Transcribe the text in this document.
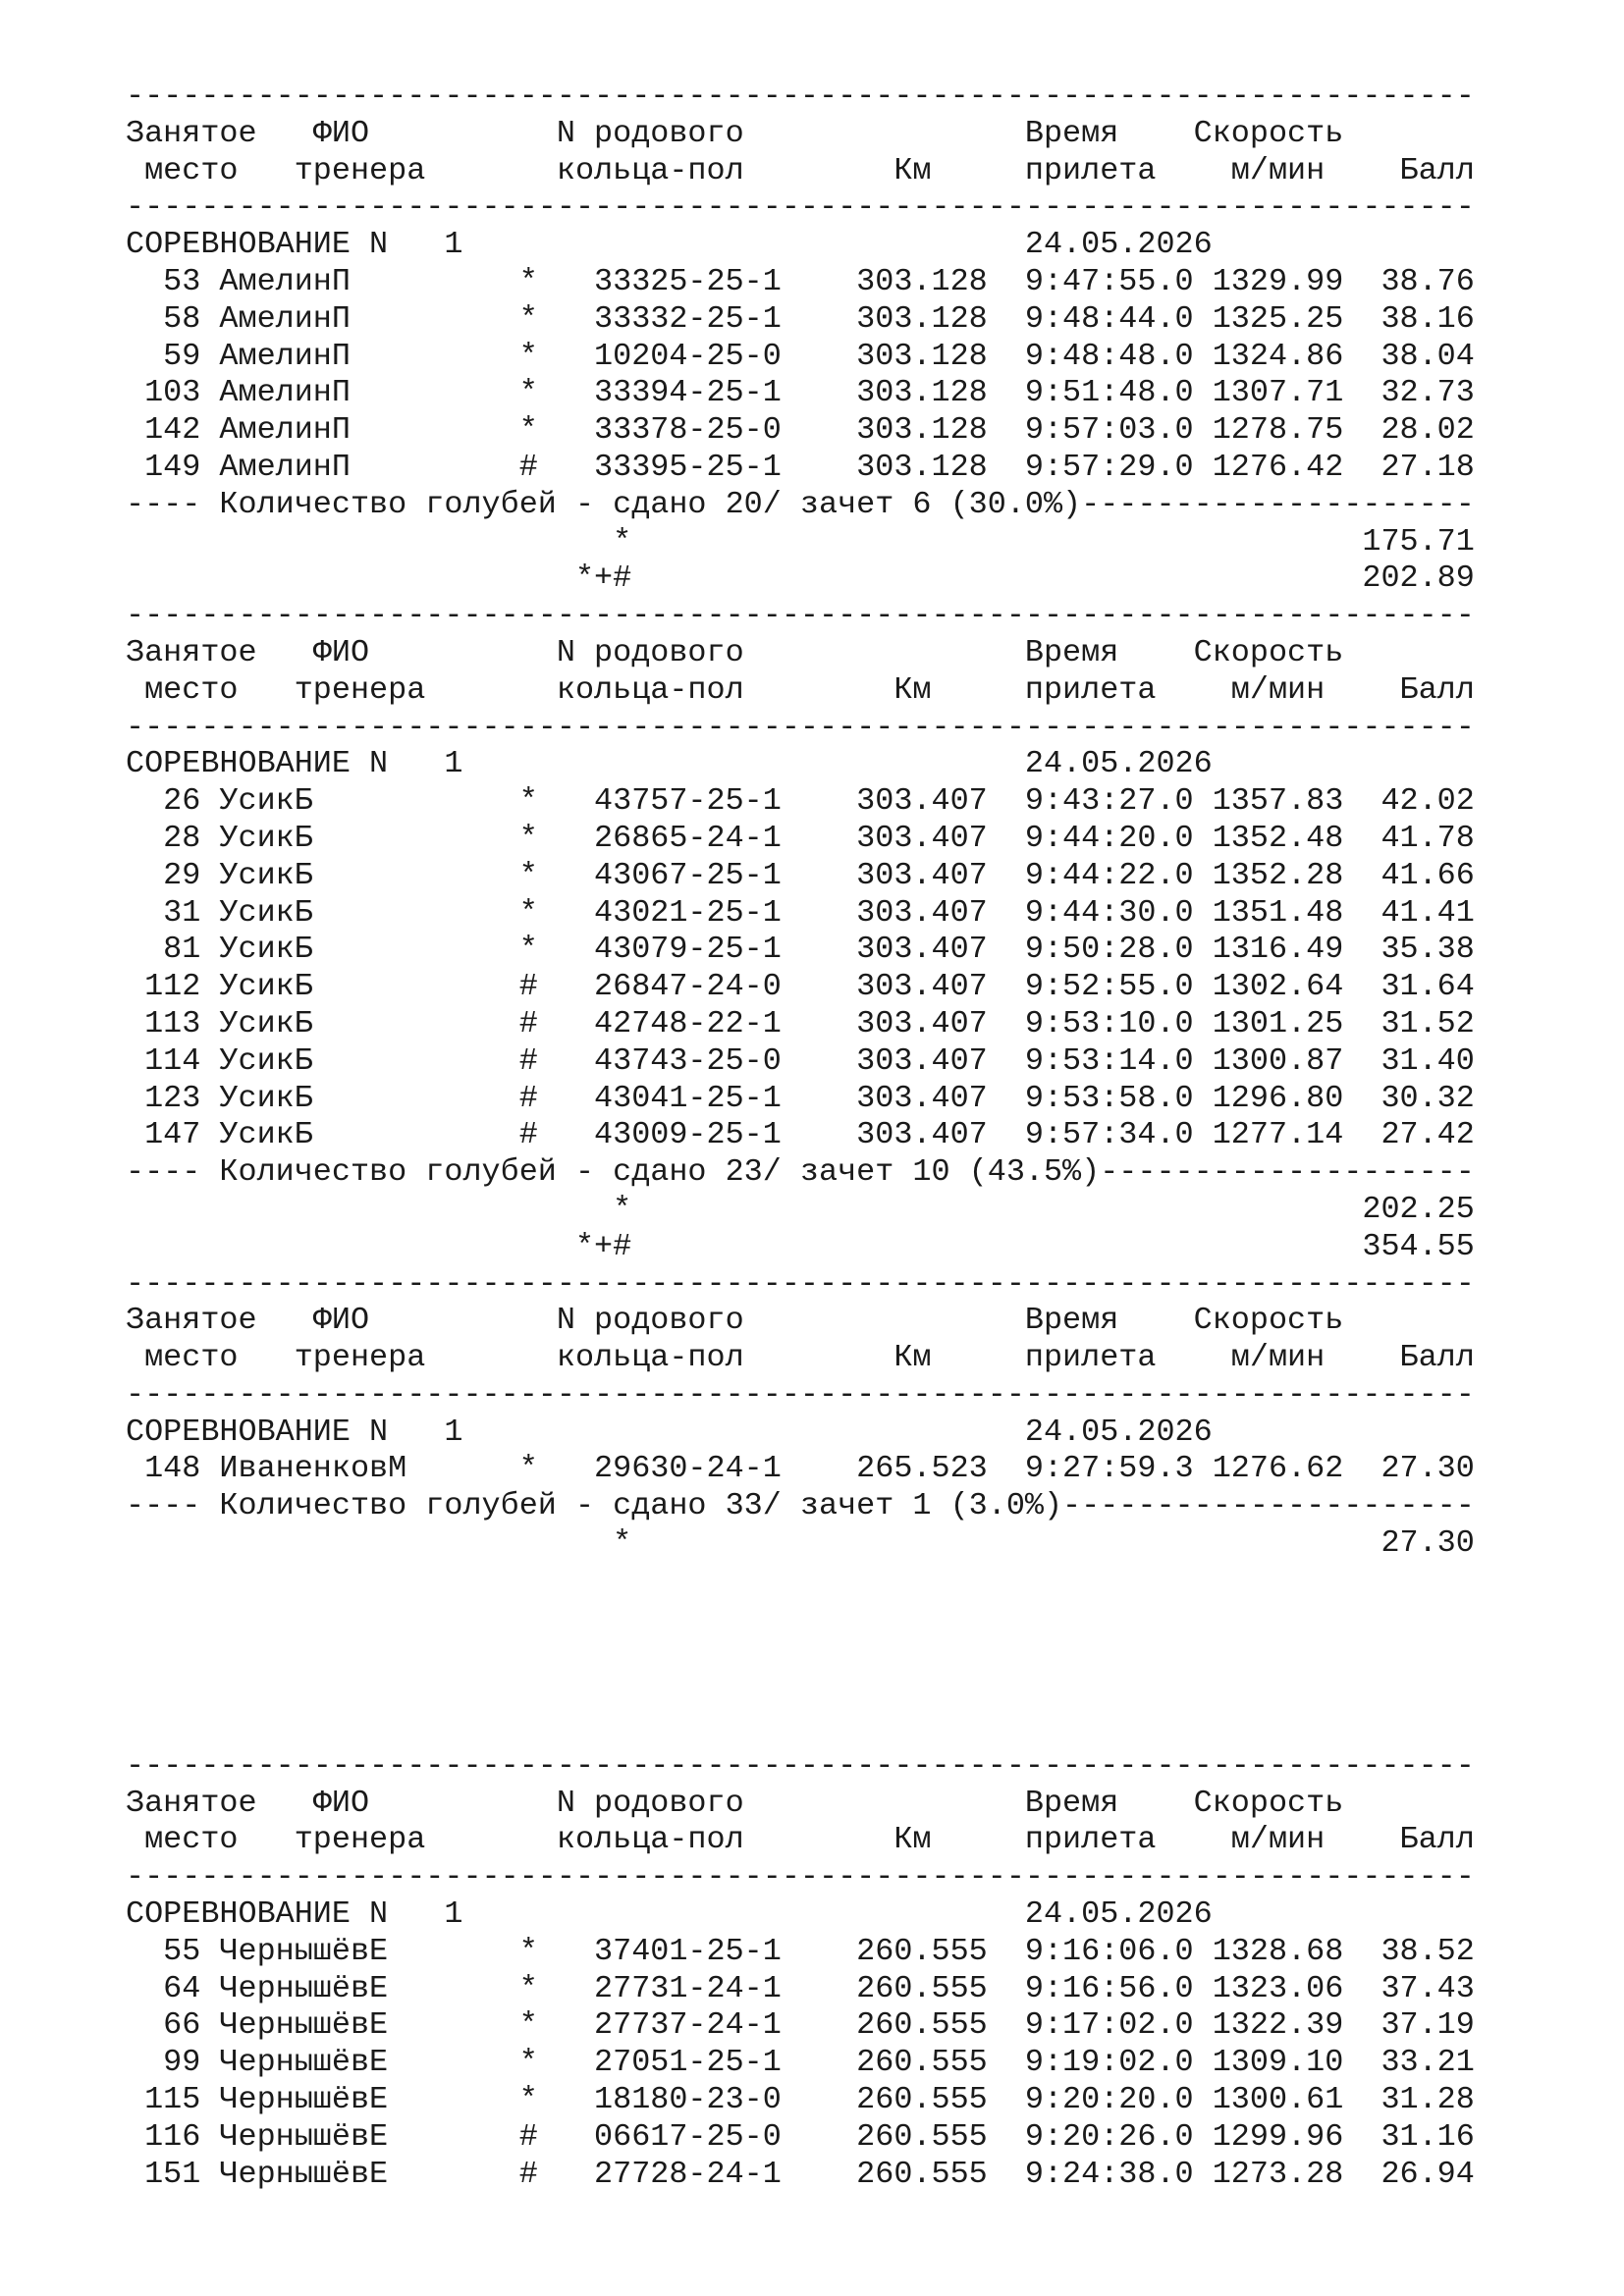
------------------------------------------------------------------------
Занятое   ФИО          N родового               Время    Скорость
место   тренера       кольца-пол        Км     прилета    м/мин    Балл
------------------------------------------------------------------------
СОРЕВНОВАНИЕ N   1                              24.05.2026
53 АмелинП         *   33325-25-1    303.128  9:47:55.0 1329.99  38.76
58 АмелинП         *   33332-25-1    303.128  9:48:44.0 1325.25  38.16
59 АмелинП         *   10204-25-0    303.128  9:48:48.0 1324.86  38.04
103 АмелинП         *   33394-25-1    303.128  9:51:48.0 1307.71  32.73
142 АмелинП         *   33378-25-0    303.128  9:57:03.0 1278.75  28.02
149 АмелинП         #   33395-25-1    303.128  9:57:29.0 1276.42  27.18
---- Количество голубей - сдано 20/ зачет 6 (30.0%)---------------------
*                                       175.71
*+#                                       202.89
------------------------------------------------------------------------
Занятое   ФИО          N родового               Время    Скорость
место   тренера       кольца-пол        Км     прилета    м/мин    Балл
------------------------------------------------------------------------
СОРЕВНОВАНИЕ N   1                              24.05.2026
26 УсикБ           *   43757-25-1    303.407  9:43:27.0 1357.83  42.02
28 УсикБ           *   26865-24-1    303.407  9:44:20.0 1352.48  41.78
29 УсикБ           *   43067-25-1    303.407  9:44:22.0 1352.28  41.66
31 УсикБ           *   43021-25-1    303.407  9:44:30.0 1351.48  41.41
81 УсикБ           *   43079-25-1    303.407  9:50:28.0 1316.49  35.38
112 УсикБ           #   26847-24-0    303.407  9:52:55.0 1302.64  31.64
113 УсикБ           #   42748-22-1    303.407  9:53:10.0 1301.25  31.52
114 УсикБ           #   43743-25-0    303.407  9:53:14.0 1300.87  31.40
123 УсикБ           #   43041-25-1    303.407  9:53:58.0 1296.80  30.32
147 УсикБ           #   43009-25-1    303.407  9:57:34.0 1277.14  27.42
---- Количество голубей - сдано 23/ зачет 10 (43.5%)--------------------
*                                       202.25
*+#                                       354.55
------------------------------------------------------------------------
Занятое   ФИО          N родового               Время    Скорость
место   тренера       кольца-пол        Км     прилета    м/мин    Балл
------------------------------------------------------------------------
СОРЕВНОВАНИЕ N   1                              24.05.2026
148 ИваненковМ      *   29630-24-1    265.523  9:27:59.3 1276.62  27.30
---- Количество голубей - сдано 33/ зачет 1 (3.0%)----------------------
*                                        27.30
------------------------------------------------------------------------
Занятое   ФИО          N родового               Время    Скорость
место   тренера       кольца-пол        Км     прилета    м/мин    Балл
------------------------------------------------------------------------
СОРЕВНОВАНИЕ N   1                              24.05.2026
55 ЧернышёвЕ       *   37401-25-1    260.555  9:16:06.0 1328.68  38.52
64 ЧернышёвЕ       *   27731-24-1    260.555  9:16:56.0 1323.06  37.43
66 ЧернышёвЕ       *   27737-24-1    260.555  9:17:02.0 1322.39  37.19
99 ЧернышёвЕ       *   27051-25-1    260.555  9:19:02.0 1309.10  33.21
115 ЧернышёвЕ       *   18180-23-0    260.555  9:20:20.0 1300.61  31.28
116 ЧернышёвЕ       #   06617-25-0    260.555  9:20:26.0 1299.96  31.16
151 ЧернышёвЕ       #   27728-24-1    260.555  9:24:38.0 1273.28  26.94
